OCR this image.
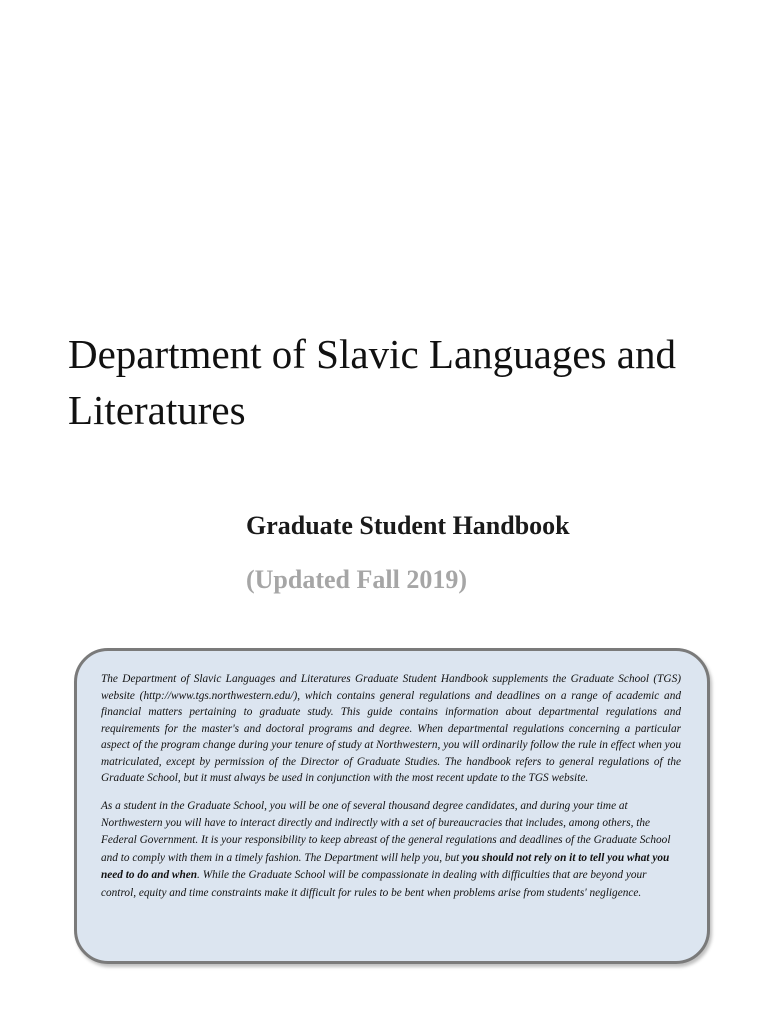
Department of Slavic Languages and Literatures
Graduate Student Handbook
(Updated Fall 2019)

The Department of Slavic Languages and Literatures Graduate Student Handbook supplements the Graduate School (TGS) website (http://www.tgs.northwestern.edu/), which contains general regulations and deadlines on a range of academic and financial matters pertaining to graduate study. This guide contains information about departmental regulations and requirements for the master's and doctoral programs and degree. When departmental regulations concerning a particular aspect of the program change during your tenure of study at Northwestern, you will ordinarily follow the rule in effect when you matriculated, except by permission of the Director of Graduate Studies. The handbook refers to general regulations of the Graduate School, but it must always be used in conjunction with the most recent update to the TGS website.

As a student in the Graduate School, you will be one of several thousand degree candidates, and during your time at Northwestern you will have to interact directly and indirectly with a set of bureaucracies that includes, among others, the Federal Government. It is your responsibility to keep abreast of the general regulations and deadlines of the Graduate School and to comply with them in a timely fashion. The Department will help you, but you should not rely on it to tell you what you need to do and when. While the Graduate School will be compassionate in dealing with difficulties that are beyond your control, equity and time constraints make it difficult for rules to be bent when problems arise from students' negligence.
